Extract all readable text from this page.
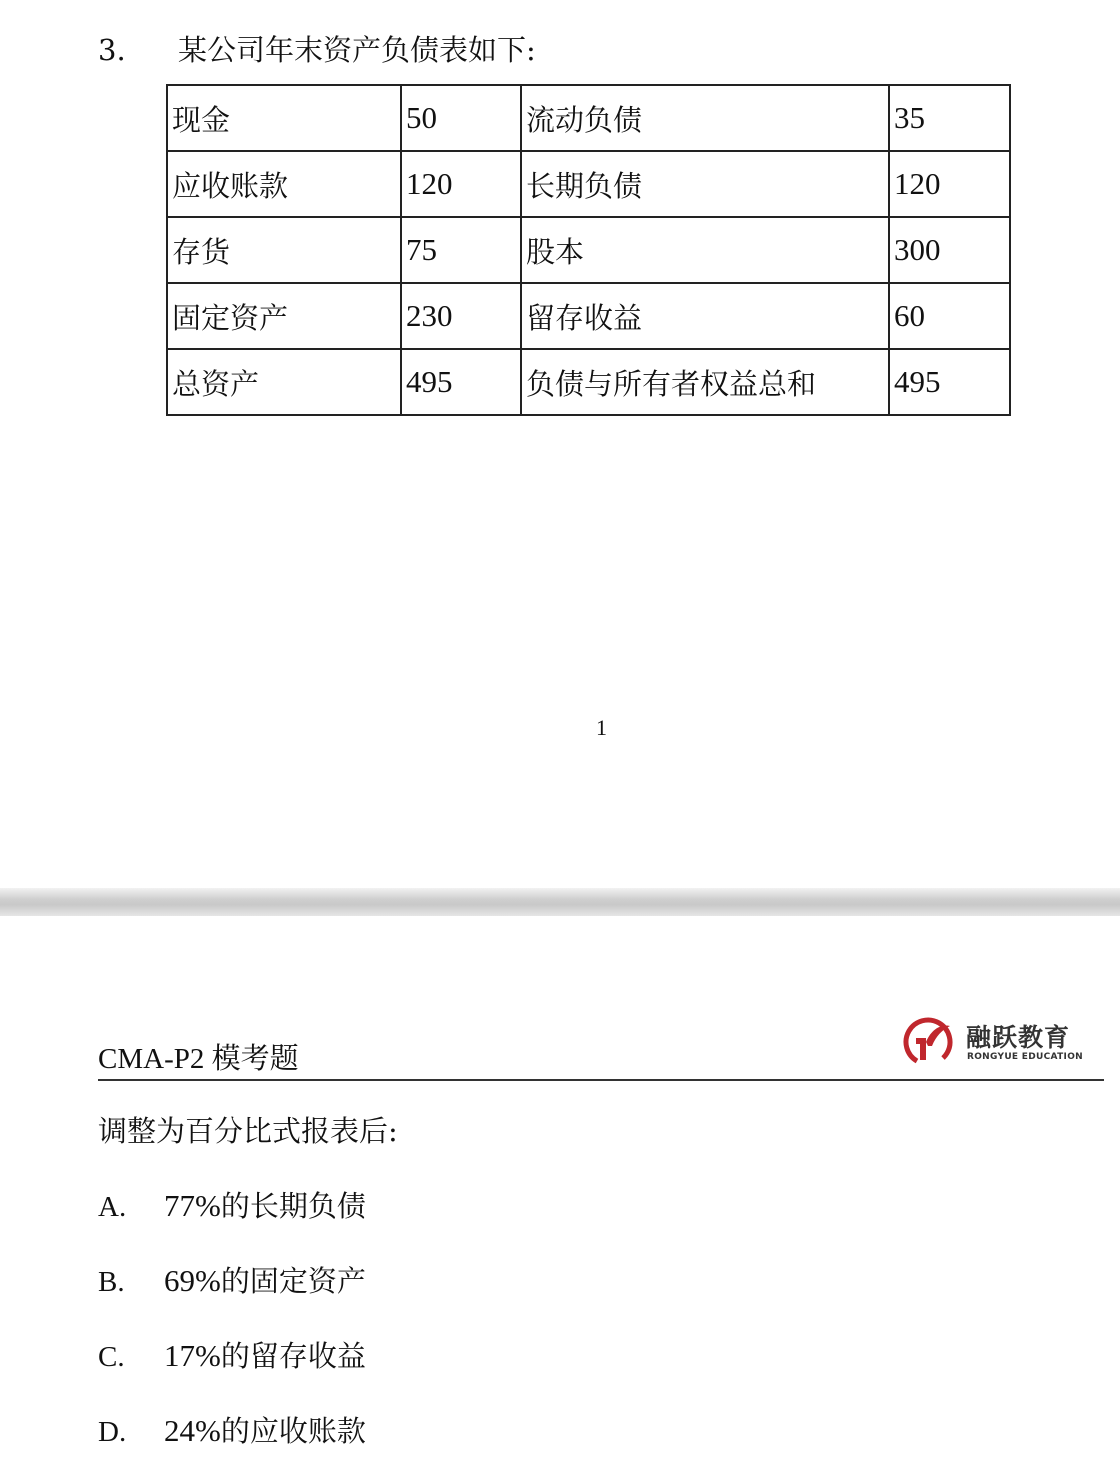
3. 某公司年末资产负债表如下:
现金	50	流动负债	35
应收账款	120	长期负债	120
存货	75	股本	300
固定资产	230	留存收益	60
总资产	495	负债与所有者权益总和	495
1
融跃教育
RONGYUE EDUCATION
CMA-P2 模考题
调整为百分比式报表后:
A. 77%的长期负债
B. 69%的固定资产
C. 17%的留存收益
D. 24%的应收账款
